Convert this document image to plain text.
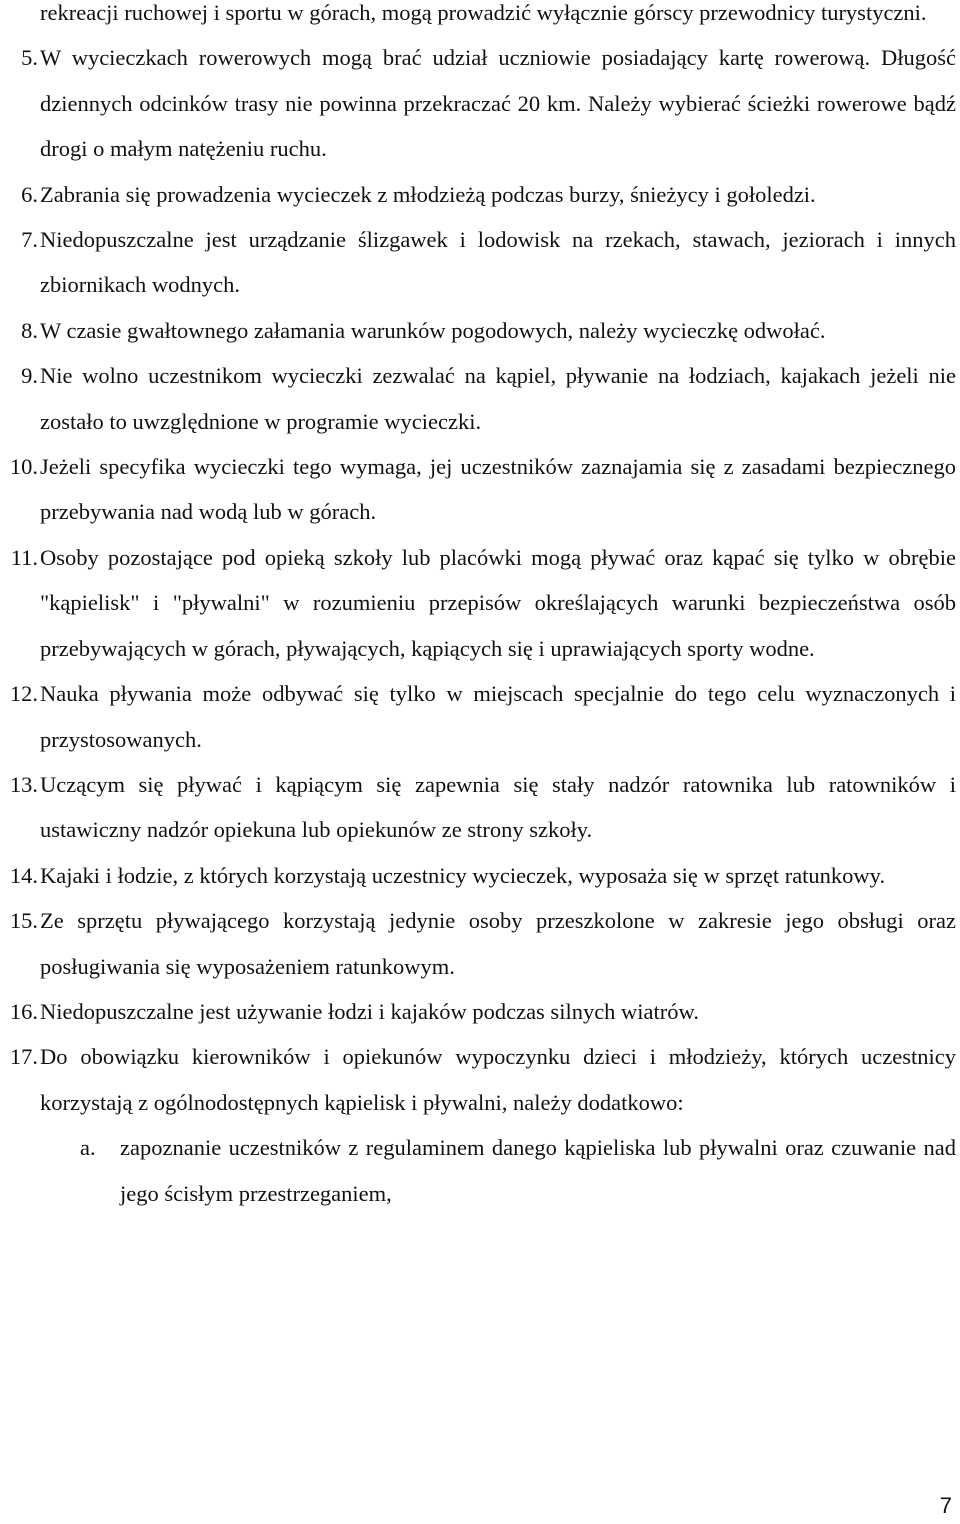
rekreacji ruchowej i sportu w górach, mogą prowadzić wyłącznie górscy przewodnicy turystyczni.

5. W wycieczkach rowerowych mogą brać udział uczniowie posiadający kartę rowerową. Długość dziennych odcinków trasy nie powinna przekraczać 20 km. Należy wybierać ścieżki rowerowe bądź drogi o małym natężeniu ruchu.
6. Zabrania się prowadzenia wycieczek z młodzieżą podczas burzy, śnieżycy i gołoledzi.
7. Niedopuszczalne jest urządzanie ślizgawek i lodowisk na rzekach, stawach, jeziorach i innych zbiornikach wodnych.
8. W czasie gwałtownego załamania warunków pogodowych, należy wycieczkę odwołać.
9. Nie wolno uczestnikom wycieczki zezwalać na kąpiel, pływanie na łodziach, kajakach jeżeli nie zostało to uwzględnione w programie wycieczki.
10. Jeżeli specyfika wycieczki tego wymaga, jej uczestników zaznajamia się z zasadami bezpiecznego przebywania nad wodą lub w górach.
11. Osoby pozostające pod opieką szkoły lub placówki mogą pływać oraz kąpać się tylko w obrębie "kąpielisk" i "pływalni" w rozumieniu przepisów określających warunki bezpieczeństwa osób przebywających w górach, pływających, kąpiących się i uprawiających sporty wodne.
12. Nauka pływania może odbywać się tylko w miejscach specjalnie do tego celu wyznaczonych i przystosowanych.
13. Uczącym się pływać i kąpiącym się zapewnia się stały nadzór ratownika lub ratowników i ustawiczny nadzór opiekuna lub opiekunów ze strony szkoły.
14. Kajaki i łodzie, z których korzystają uczestnicy wycieczek, wyposaża się w sprzęt ratunkowy.
15. Ze sprzętu pływającego korzystają jedynie osoby przeszkolone w zakresie jego obsługi oraz posługiwania się wyposażeniem ratunkowym.
16. Niedopuszczalne jest używanie łodzi i kajaków podczas silnych wiatrów.
17. Do obowiązku kierowników i opiekunów wypoczynku dzieci i młodzieży, których uczestnicy korzystają z ogólnodostępnych kąpielisk i pływalni, należy dodatkowo:
a.	zapoznanie uczestników z regulaminem danego kąpieliska lub pływalni oraz czuwanie nad jego ścisłym przestrzeganiem,
7
